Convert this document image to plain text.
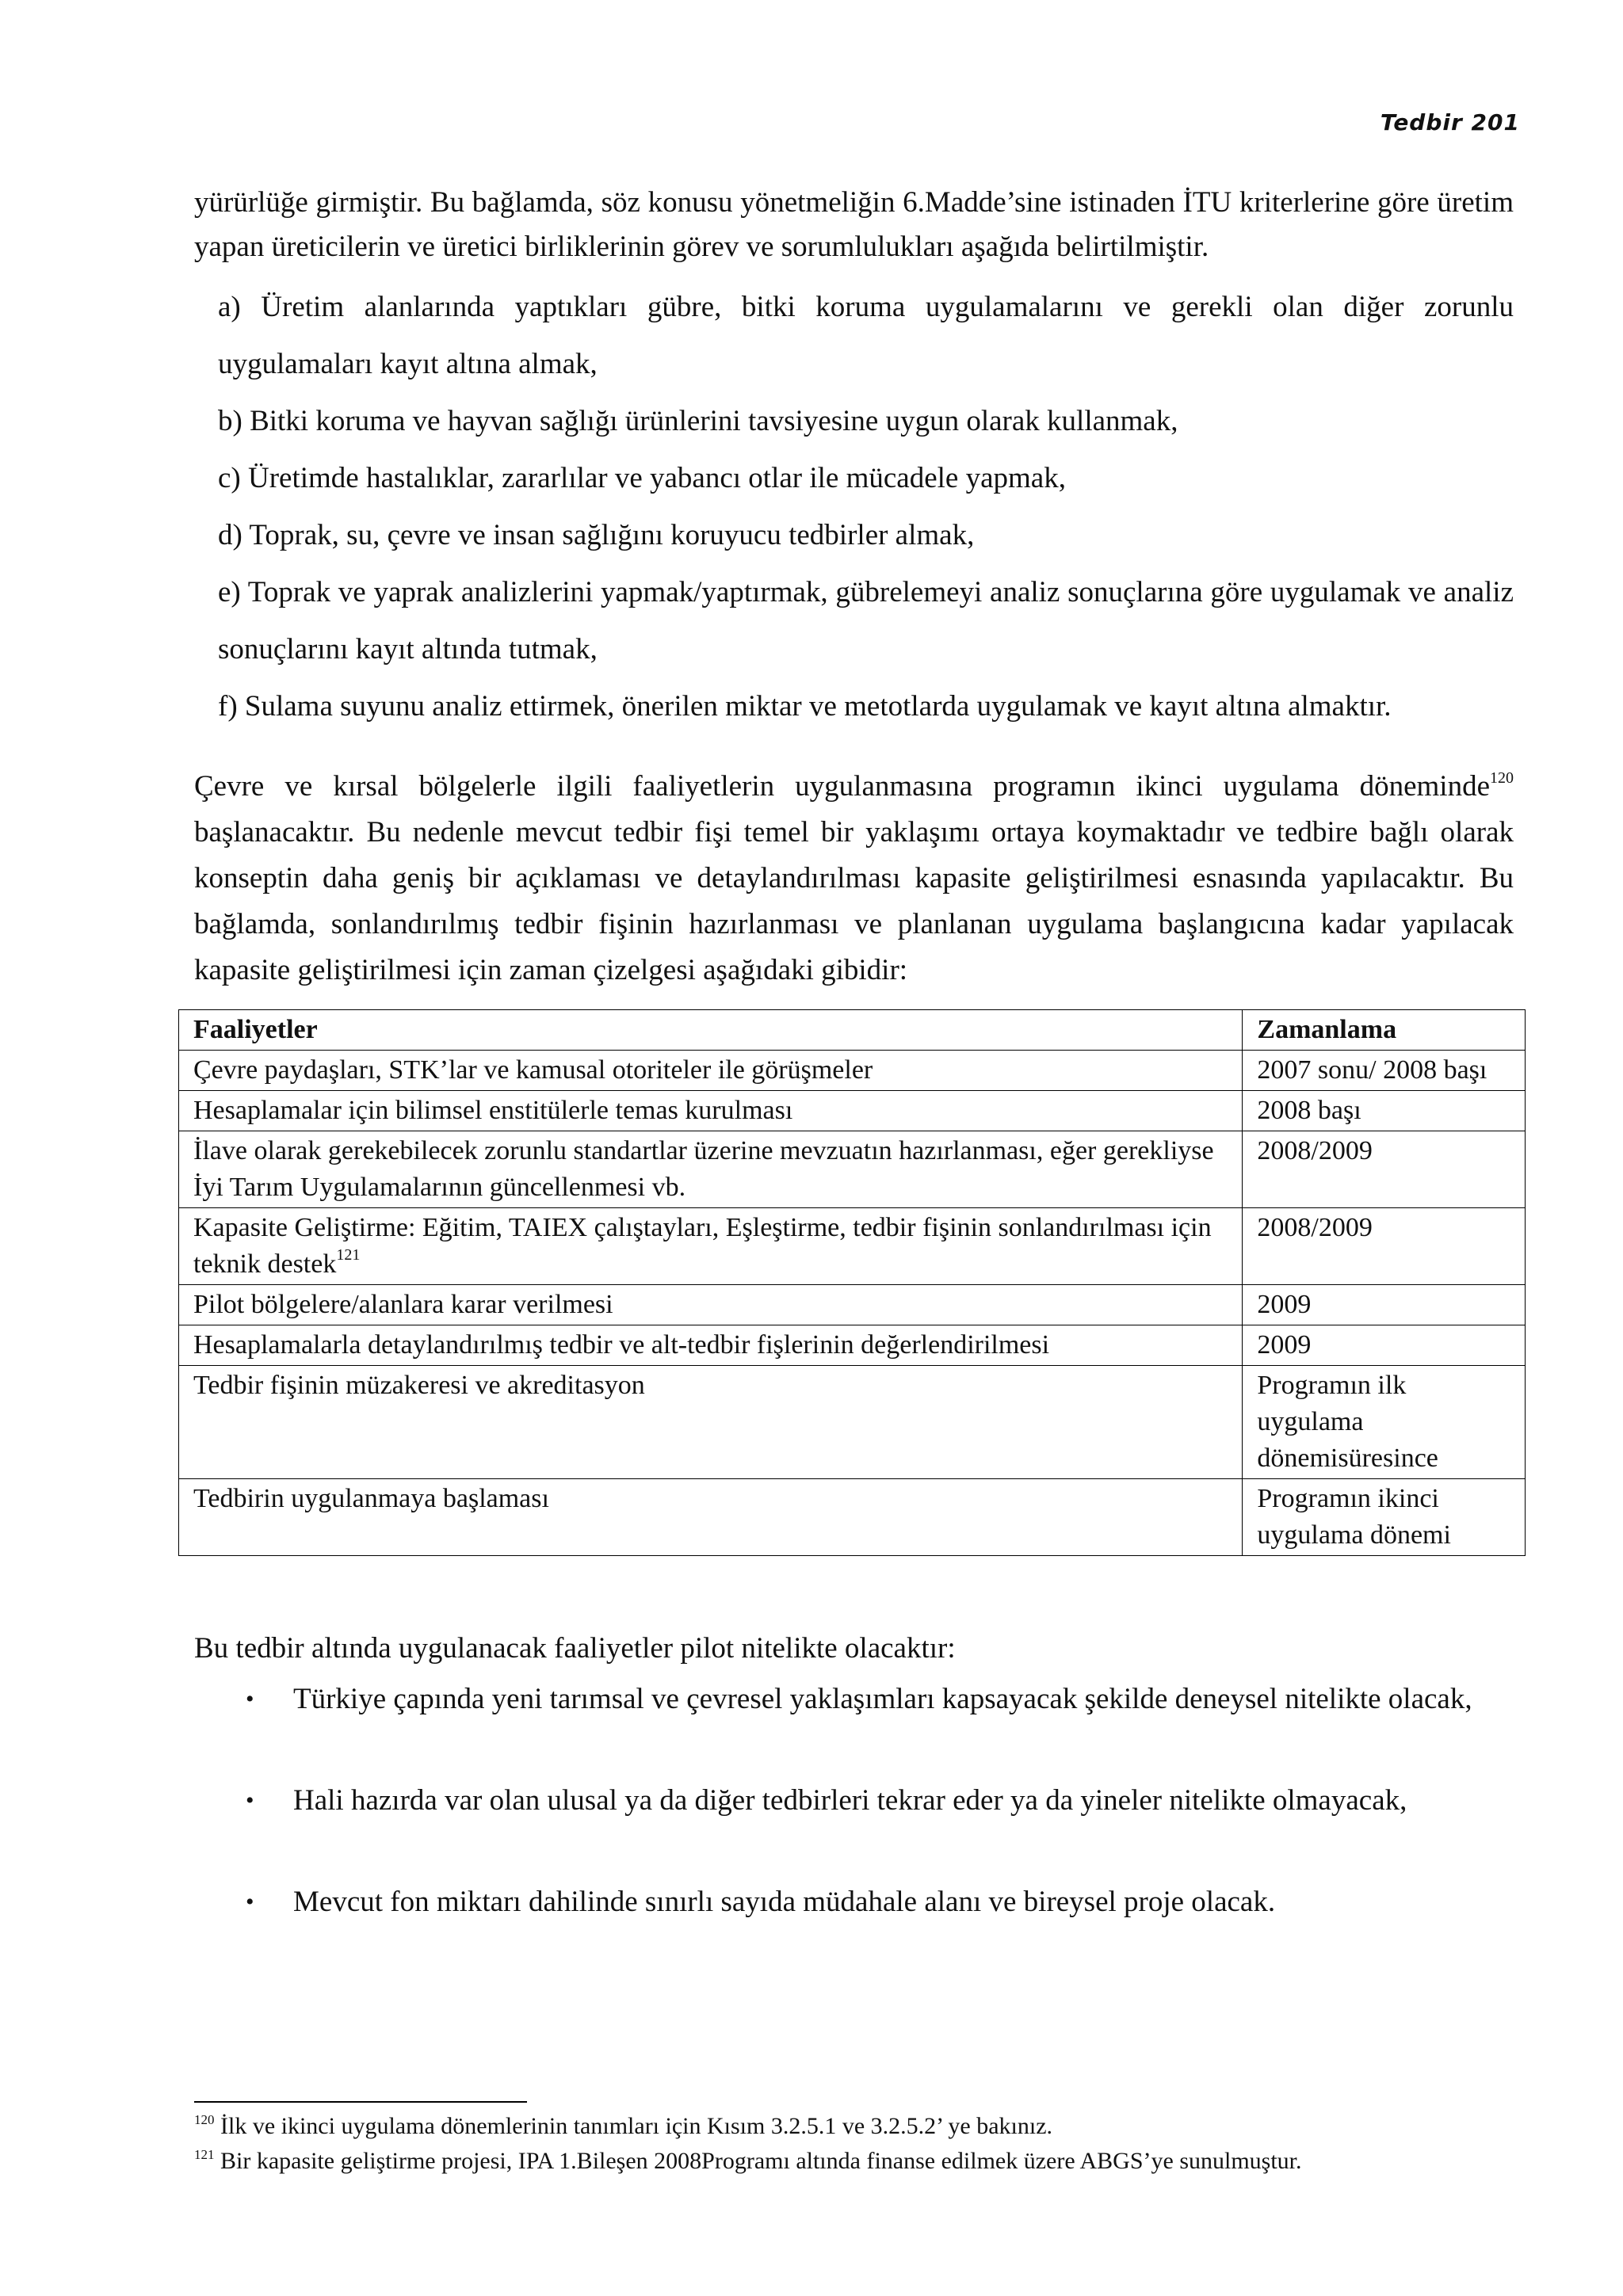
Tedbir 201

yürürlüğe girmiştir. Bu bağlamda, söz konusu yönetmeliğin 6.Madde’sine istinaden İTU kriterlerine göre üretim yapan üreticilerin ve üretici birliklerinin görev ve sorumlulukları aşağıda belirtilmiştir.

a) Üretim alanlarında yaptıkları gübre, bitki koruma uygulamalarını ve gerekli olan diğer zorunlu uygulamaları kayıt altına almak,
b) Bitki koruma ve hayvan sağlığı ürünlerini tavsiyesine uygun olarak kullanmak,
c) Üretimde hastalıklar, zararlılar ve yabancı otlar ile mücadele yapmak,
d) Toprak, su, çevre ve insan sağlığını koruyucu tedbirler almak,
e) Toprak ve yaprak analizlerini yapmak/yaptırmak, gübrelemeyi analiz sonuçlarına göre uygulamak ve analiz sonuçlarını kayıt altında tutmak,
f) Sulama suyunu analiz ettirmek, önerilen miktar ve metotlarda uygulamak ve kayıt altına almaktır.

Çevre ve kırsal bölgelerle ilgili faaliyetlerin uygulanmasına programın ikinci uygulama döneminde$^{120}$ başlanacaktır. Bu nedenle mevcut tedbir fişi temel bir yaklaşımı ortaya koymaktadır ve tedbire bağlı olarak konseptin daha geniş bir açıklaması ve detaylandırılması kapasite geliştirilmesi esnasında yapılacaktır. Bu bağlamda, sonlandırılmış tedbir fişinin hazırlanması ve planlanan uygulama başlangıcına kadar yapılacak kapasite geliştirilmesi için zaman çizelgesi aşağıdaki gibidir:

Faaliyetler	Zamanlama
Çevre paydaşları, STK’lar ve kamusal otoriteler ile görüşmeler	2007 sonu/ 2008 başı
Hesaplamalar için bilimsel enstitülerle temas kurulması	2008 başı
İlave olarak gerekebilecek zorunlu standartlar üzerine mevzuatın hazırlanması, eğer gerekliyse İyi Tarım Uygulamalarının güncellenmesi vb.	2008/2009
Kapasite Geliştirme: Eğitim, TAIEX çalıştayları, Eşleştirme, tedbir fişinin sonlandırılması için teknik destek$^{121}$	2008/2009
Pilot bölgelere/alanlara karar verilmesi	2009
Hesaplamalarla detaylandırılmış tedbir ve alt-tedbir fişlerinin değerlendirilmesi	2009
Tedbir fişinin müzakeresi ve akreditasyon	Programın ilk uygulama dönemisüresince
Tedbirin uygulanmaya başlaması	Programın ikinci uygulama dönemi

Bu tedbir altında uygulanacak faaliyetler pilot nitelikte olacaktır:

• Türkiye çapında yeni tarımsal ve çevresel yaklaşımları kapsayacak şekilde deneysel nitelikte olacak,
• Hali hazırda var olan ulusal ya da diğer tedbirleri tekrar eder ya da yineler nitelikte olmayacak,
• Mevcut fon miktarı dahilinde sınırlı sayıda müdahale alanı ve bireysel proje olacak.
$^{120}$ İlk ve ikinci uygulama dönemlerinin tanımları için Kısım 3.2.5.1 ve 3.2.5.2’ ye bakınız.
$^{121}$ Bir kapasite geliştirme projesi, IPA 1.Bileşen 2008Programı altında finanse edilmek üzere ABGS’ye sunulmuştur.
